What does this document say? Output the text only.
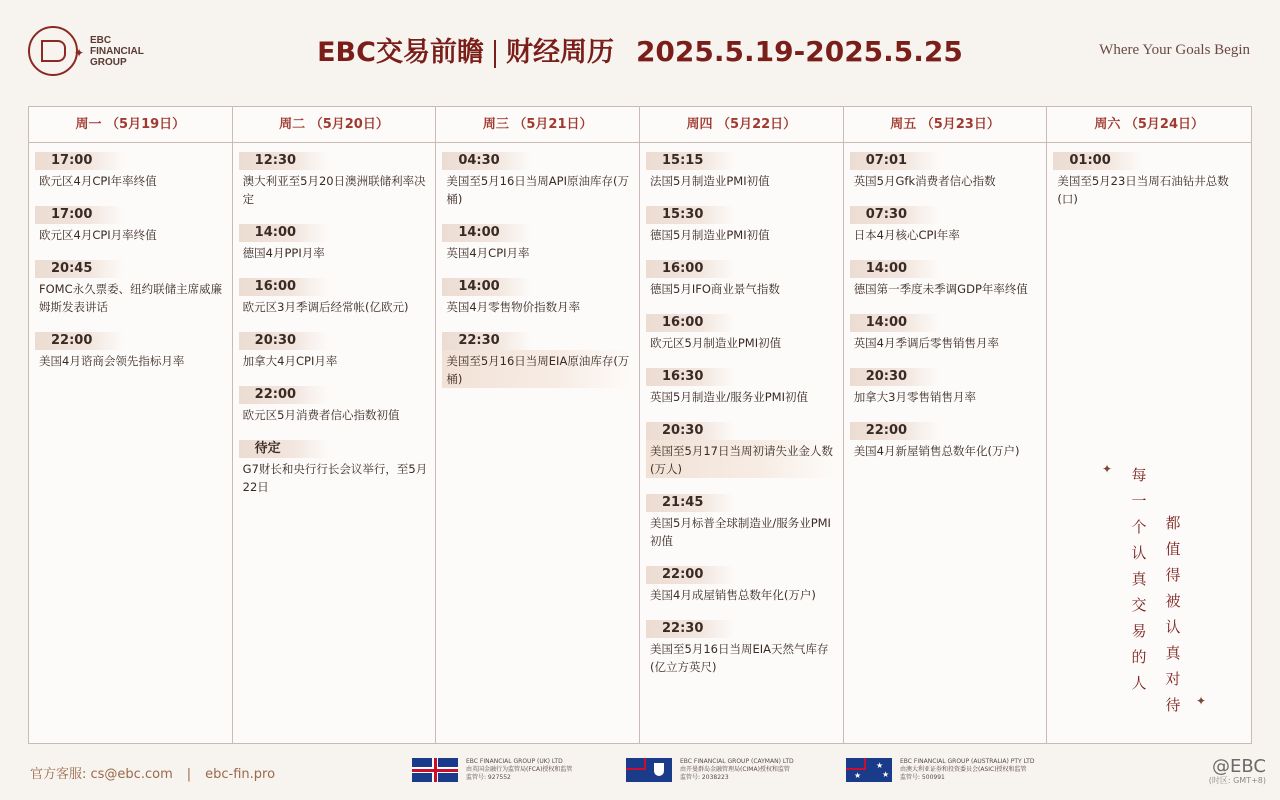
✦
EBC
FINANCIAL
GROUP	EBC交易前瞻 财经周历 2025.5.19-2025.5.25	Where Your Goals Begin
周一 （5月19日）
17:00
欧元区4月CPI年率终值
17:00
欧元区4月CPI月率终值
20:45
FOMC永久票委、纽约联储主席威廉姆斯发表讲话
22:00
美国4月谘商会领先指标月率
周二 （5月20日）
12:30
澳大利亚至5月20日澳洲联储利率决定
14:00
德国4月PPI月率
16:00
欧元区3月季调后经常帐(亿欧元)
20:30
加拿大4月CPI月率
22:00
欧元区5月消费者信心指数初值
待定
G7财长和央行行长会议举行，至5月22日
周三 （5月21日）
04:30
美国至5月16日当周API原油库存(万桶)
14:00
英国4月CPI月率
14:00
英国4月零售物价指数月率
22:30
美国至5月16日当周EIA原油库存(万桶)
周四 （5月22日）
15:15
法国5月制造业PMI初值
15:30
德国5月制造业PMI初值
16:00
德国5月IFO商业景气指数
16:00
欧元区5月制造业PMI初值
16:30
英国5月制造业/服务业PMI初值
20:30
美国至5月17日当周初请失业金人数(万人)
21:45
美国5月标普全球制造业/服务业PMI初值
22:00
美国4月成屋销售总数年化(万户)
22:30
美国至5月16日当周EIA天然气库存(亿立方英尺)
周五 （5月23日）
07:01
英国5月Gfk消费者信心指数
07:30
日本4月核心CPI年率
14:00
德国第一季度未季调GDP年率终值
14:00
英国4月季调后零售销售月率
20:30
加拿大3月零售销售月率
22:00
美国4月新屋销售总数年化(万户)
周六 （5月24日）
01:00
美国至5月23日当周石油钻井总数(口)
✦ 每一个认真交易的人
都值得被认真对待 ✦
官方客服: cs@ebc.com | ebc-fin.pro
EBC FINANCIAL GROUP (UK) LTD
由英国金融行为监管局(FCA)授权和监管
监管号: 927552
EBC FINANCIAL GROUP (CAYMAN) LTD
由开曼群岛金融管理局(CIMA)授权和监管
监管号: 2038223	★
★
★
EBC FINANCIAL GROUP (AUSTRALIA) PTY LTD
由澳大利亚证券和投资委员会(ASIC)授权和监管
监管号: 500991
@EBC
(时区: GMT+8)
